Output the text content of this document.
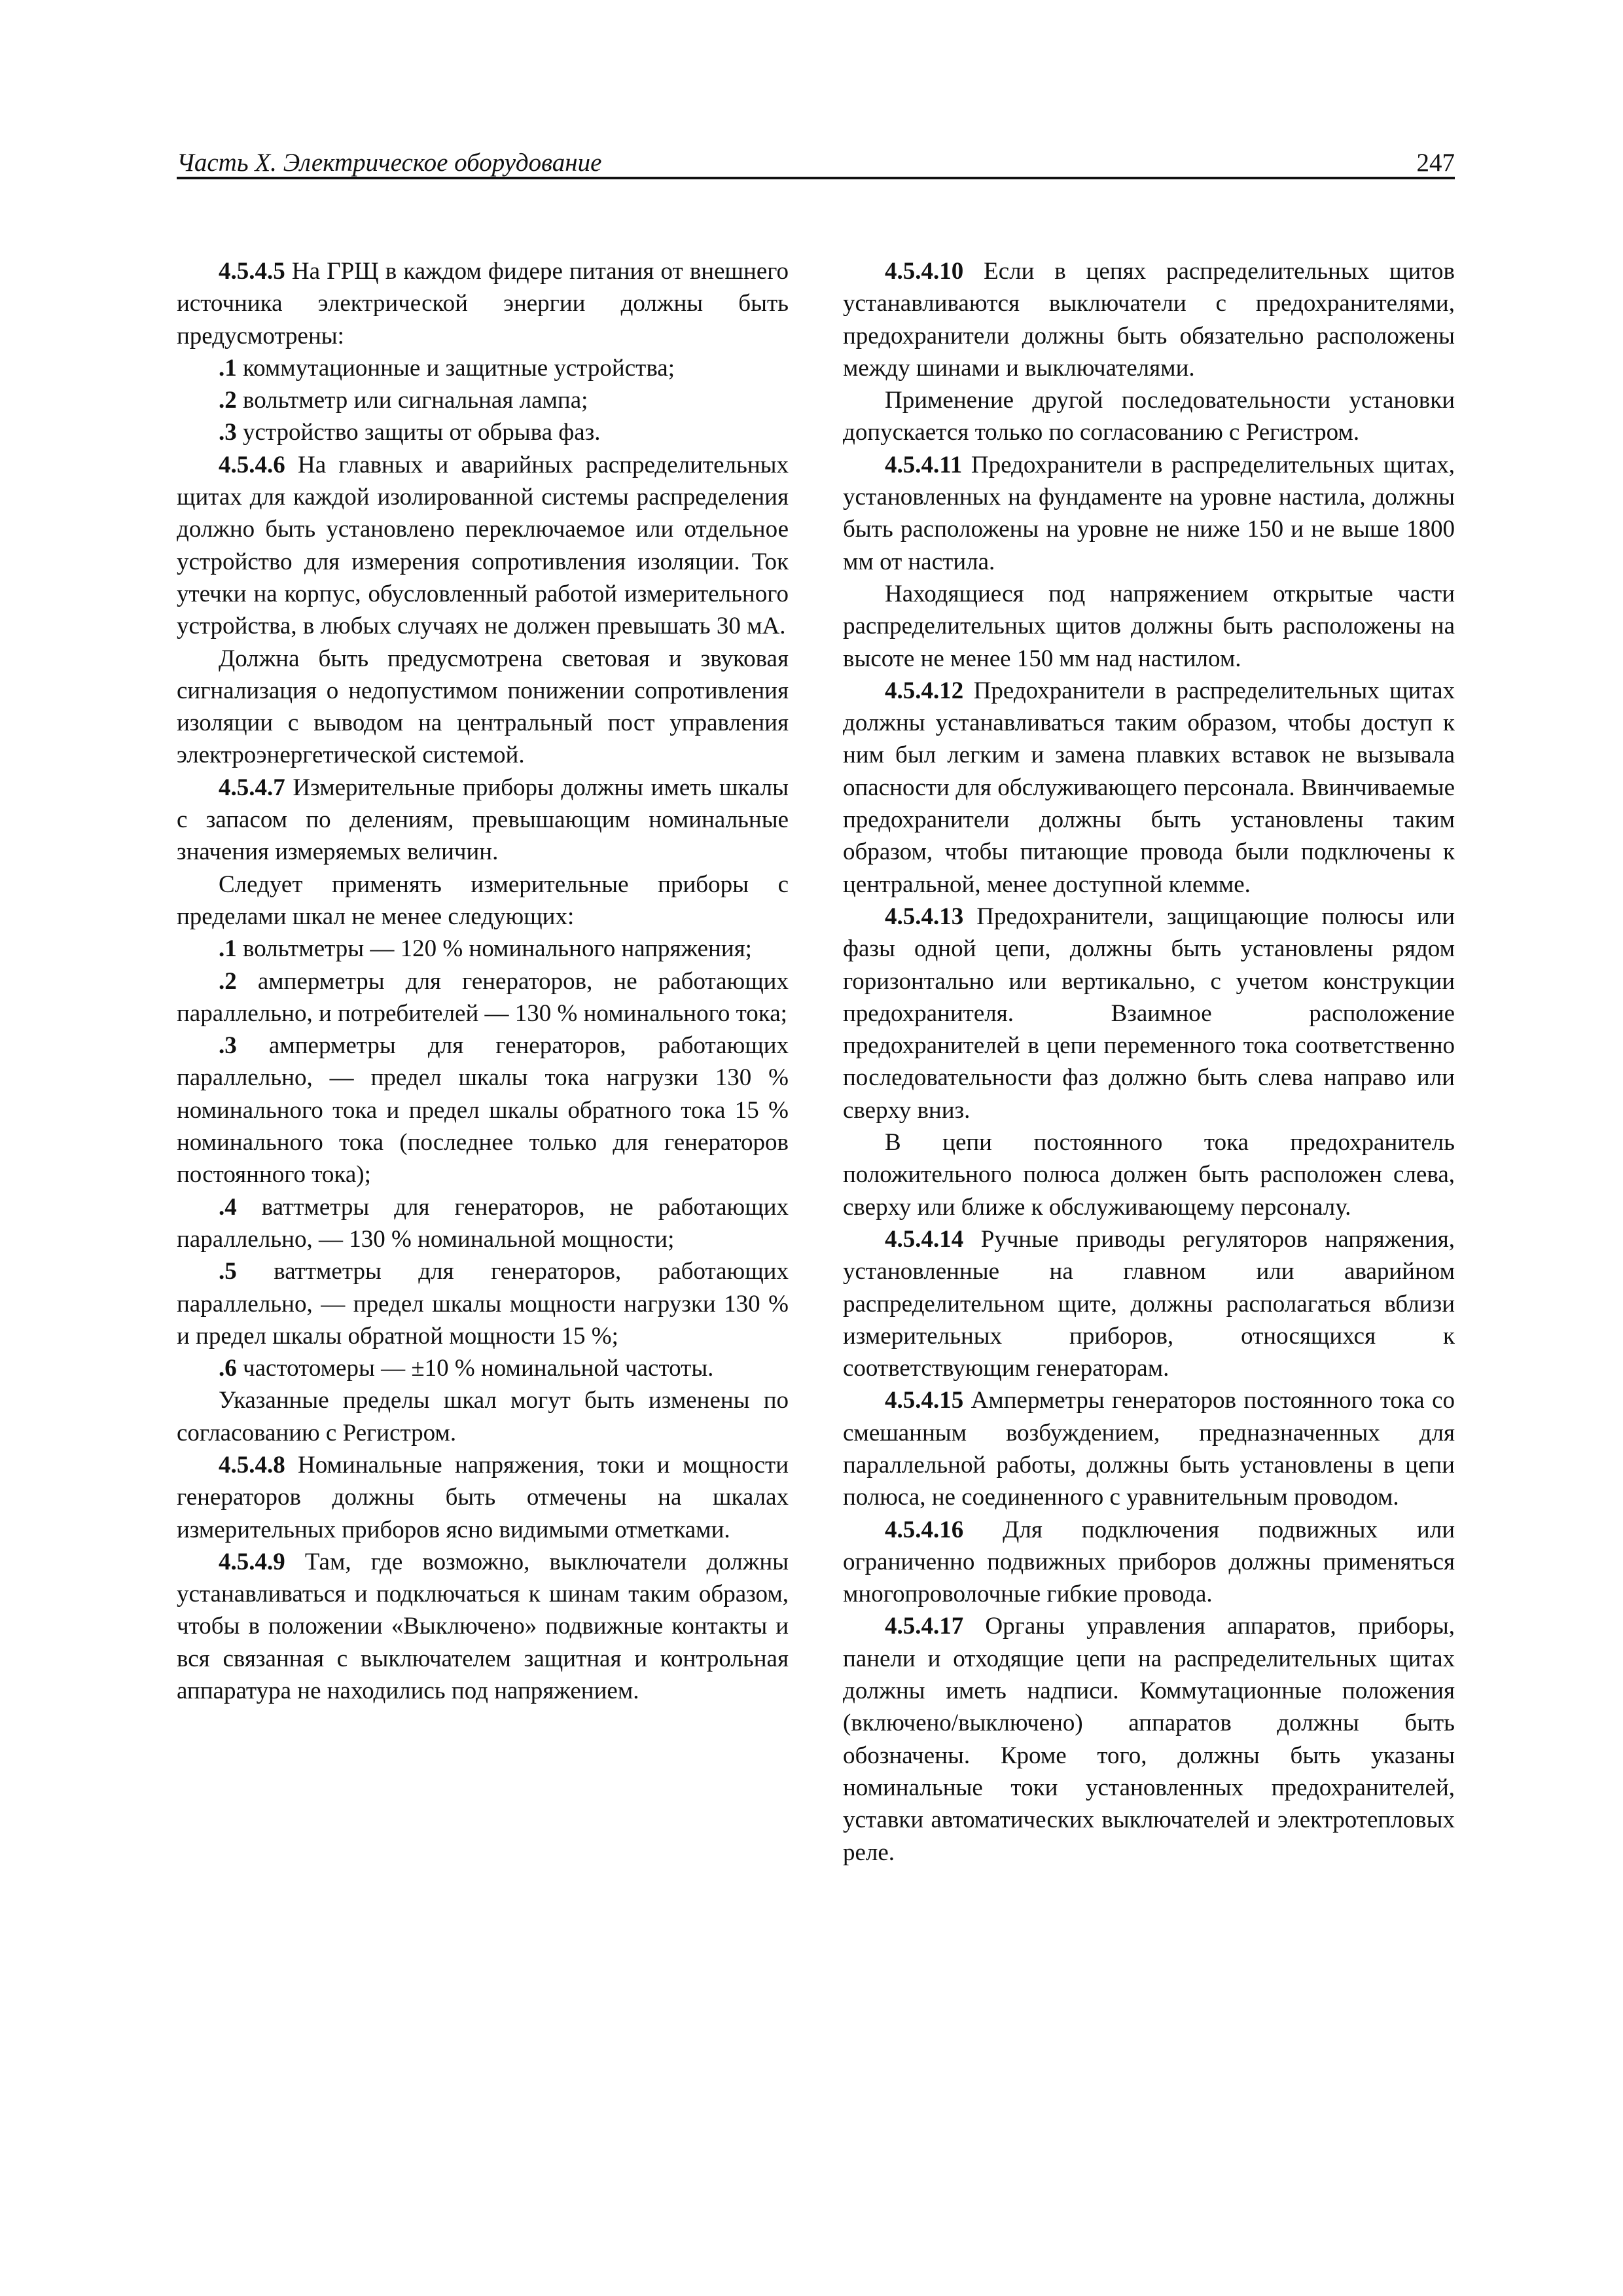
Часть X. Электрическое оборудование	247

4.5.4.5 На ГРЩ в каждом фидере питания от внешнего источника электрической энергии должны быть предусмотрены:

.1 коммутационные и защитные устройства;

.2 вольтметр или сигнальная лампа;

.3 устройство защиты от обрыва фаз.

4.5.4.6 На главных и аварийных распределительных щитах для каждой изолированной системы распределения должно быть установлено переключаемое или отдельное устройство для измерения сопротивления изоляции. Ток утечки на корпус, обусловленный работой измерительного устройства, в любых случаях не должен превышать 30 мА.

Должна быть предусмотрена световая и звуковая сигнализация о недопустимом понижении сопротивления изоляции с выводом на центральный пост управления электроэнергетической системой.

4.5.4.7 Измерительные приборы должны иметь шкалы с запасом по делениям, превышающим номинальные значения измеряемых величин.

Следует применять измерительные приборы с пределами шкал не менее следующих:

.1 вольтметры — 120 % номинального напряжения;

.2 амперметры для генераторов, не работающих параллельно, и потребителей — 130 % номинального тока;

.3 амперметры для генераторов, работающих параллельно, — предел шкалы тока нагрузки 130 % номинального тока и предел шкалы обратного тока 15 % номинального тока (последнее только для генераторов постоянного тока);

.4 ваттметры для генераторов, не работающих параллельно, — 130 % номинальной мощности;

.5 ваттметры для генераторов, работающих параллельно, — предел шкалы мощности нагрузки 130 % и предел шкалы обратной мощности 15 %;

.6 частотомеры — ±10 % номинальной частоты.

Указанные пределы шкал могут быть изменены по согласованию с Регистром.

4.5.4.8 Номинальные напряжения, токи и мощности генераторов должны быть отмечены на шкалах измерительных приборов ясно видимыми отметками.

4.5.4.9 Там, где возможно, выключатели должны устанавливаться и подключаться к шинам таким образом, чтобы в положении «Выключено» подвижные контакты и вся связанная с выключателем защитная и контрольная аппаратура не находились под напряжением.

4.5.4.10 Если в цепях распределительных щитов устанавливаются выключатели с предохранителями, предохранители должны быть обязательно расположены между шинами и выключателями.

Применение другой последовательности установки допускается только по согласованию с Регистром.

4.5.4.11 Предохранители в распределительных щитах, установленных на фундаменте на уровне настила, должны быть расположены на уровне не ниже 150 и не выше 1800 мм от настила.

Находящиеся под напряжением открытые части распределительных щитов должны быть расположены на высоте не менее 150 мм над настилом.

4.5.4.12 Предохранители в распределительных щитах должны устанавливаться таким образом, чтобы доступ к ним был легким и замена плавких вставок не вызывала опасности для обслуживающего персонала. Ввинчиваемые предохранители должны быть установлены таким образом, чтобы питающие провода были подключены к центральной, менее доступной клемме.

4.5.4.13 Предохранители, защищающие полюсы или фазы одной цепи, должны быть установлены рядом горизонтально или вертикально, с учетом конструкции предохранителя. Взаимное расположение предохранителей в цепи переменного тока соответственно последовательности фаз должно быть слева направо или сверху вниз.

В цепи постоянного тока предохранитель положительного полюса должен быть расположен слева, сверху или ближе к обслуживающему персоналу.

4.5.4.14 Ручные приводы регуляторов напряжения, установленные на главном или аварийном распределительном щите, должны располагаться вблизи измерительных приборов, относящихся к соответствующим генераторам.

4.5.4.15 Амперметры генераторов постоянного тока со смешанным возбуждением, предназначенных для параллельной работы, должны быть установлены в цепи полюса, не соединенного с уравнительным проводом.

4.5.4.16 Для подключения подвижных или ограниченно подвижных приборов должны применяться многопроволочные гибкие провода.

4.5.4.17 Органы управления аппаратов, приборы, панели и отходящие цепи на распределительных щитах должны иметь надписи. Коммутационные положения (включено/выключено) аппаратов должны быть обозначены. Кроме того, должны быть указаны номинальные токи установленных предохранителей, уставки автоматических выключателей и электротепловых реле.
